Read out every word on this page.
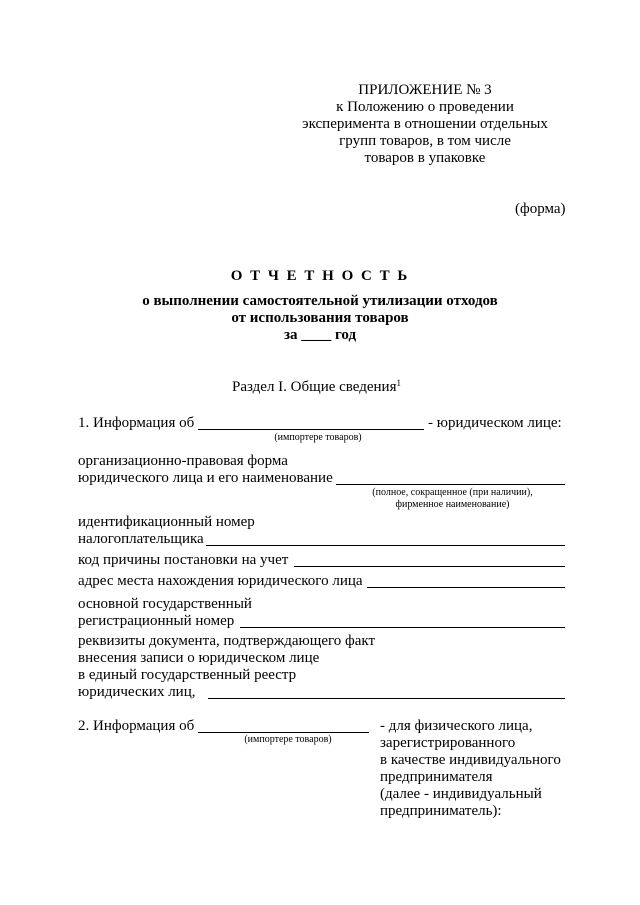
ПРИЛОЖЕНИЕ № 3
к Положению о проведении
эксперимента в отношении отдельных
групп товаров, в том числе
товаров в упаковке
(форма)
О Т Ч Е Т Н О С Т Ь
о выполнении самостоятельной утилизации отходов
от использования товаров
за ____ год
Раздел I. Общие сведения$^1$
1. Информация об	- юридическом лице:
(импортере товаров)
организационно-правовая форма
юридического лица и его наименование
(полное, сокращенное (при наличии),
фирменное наименование)
идентификационный номер
налогоплательщика
код причины постановки на учет
адрес места нахождения юридического лица
основной государственный
регистрационный номер
реквизиты документа, подтверждающего факт
внесения записи о юридическом лице
в единый государственный реестр
юридических лиц,
2. Информация об
(импортере товаров)
- для физического лица,
зарегистрированного
в качестве индивидуального
предпринимателя
(далее - индивидуальный
предприниматель):
